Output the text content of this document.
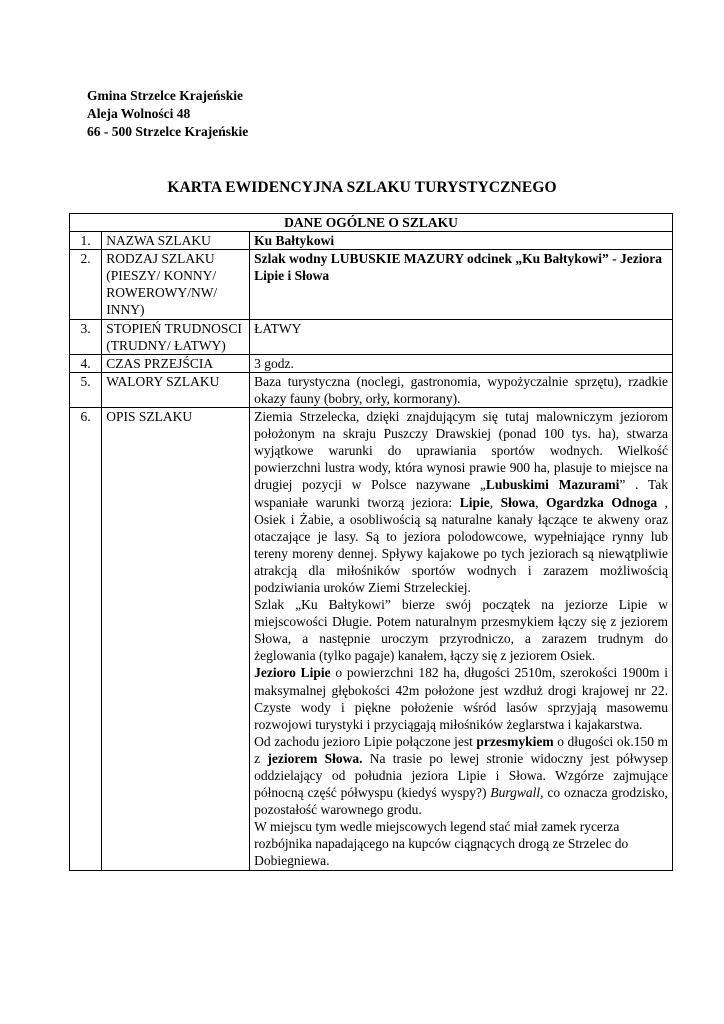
Gmina Strzelce Krajeńskie
Aleja Wolności 48
66 - 500 Strzelce Krajeńskie
KARTA EWIDENCYJNA SZLAKU TURYSTYCZNEGO
DANE OGÓLNE O SZLAKU		
1.	NAZWA SZLAKU	Ku Bałtykowi
2.	RODZAJ SZLAKU (PIESZY/ KONNY/ ROWEROWY/NW/ INNY)	Szlak wodny LUBUSKIE MAZURY odcinek „Ku Bałtykowi” - Jeziora Lipie i Słowa
3.	STOPIEŃ TRUDNOSCI (TRUDNY/ ŁATWY)	ŁATWY
4.	CZAS PRZEJŚCIA	3 godz.
5.	WALORY SZLAKU	Baza turystyczna (noclegi, gastronomia, wypożyczalnie sprzętu), rzadkie okazy fauny (bobry, orły, kormorany).
6.	OPIS SZLAKU	Ziemia Strzelecka, dzięki znajdującym się tutaj malowniczym jeziorom położonym na skraju Puszczy Drawskiej (ponad 100 tys. ha), stwarza wyjątkowe warunki do uprawiania sportów wodnych. Wielkość powierzchni lustra wody, która wynosi prawie 900 ha, plasuje to miejsce na drugiej pozycji w Polsce nazywane „Lubuskimi Mazurami” . Tak wspaniałe warunki tworzą jeziora: Lipie, Słowa, Ogardzka Odnoga , Osiek i Żabie, a osobliwością są naturalne kanały łączące te akweny oraz otaczające je lasy. Są to jeziora polodowcowe, wypełniające rynny lub tereny moreny dennej. Spływy kajakowe po tych jeziorach są niewątpliwie atrakcją dla miłośników sportów wodnych i zarazem możliwością podziwiania uroków Ziemi Strzeleckiej.
Szlak „Ku Bałtykowi” bierze swój początek na jeziorze Lipie w miejscowości Długie. Potem naturalnym przesmykiem łączy się z jeziorem Słowa, a następnie uroczym przyrodniczo, a zarazem trudnym do żeglowania (tylko pagaje) kanałem, łączy się z jeziorem Osiek.
Jezioro Lipie o powierzchni 182 ha, długości 2510m, szerokości 1900m i maksymalnej głębokości 42m położone jest wzdłuż drogi krajowej nr 22. Czyste wody i piękne położenie wśród lasów sprzyjają masowemu rozwojowi turystyki i przyciągają miłośników żeglarstwa i kajakarstwa.
Od zachodu jezioro Lipie połączone jest przesmykiem o długości ok.150 m z jeziorem Słowa. Na trasie po lewej stronie widoczny jest półwysep oddzielający od południa jeziora Lipie i Słowa. Wzgórze zajmujące północną część półwyspu (kiedyś wyspy?) Burgwall, co oznacza grodzisko, pozostałość warownego grodu.
W miejscu tym wedle miejscowych legend stać miał zamek rycerza rozbójnika napadającego na kupców ciągnących drogą ze Strzelec do Dobiegniewa.
